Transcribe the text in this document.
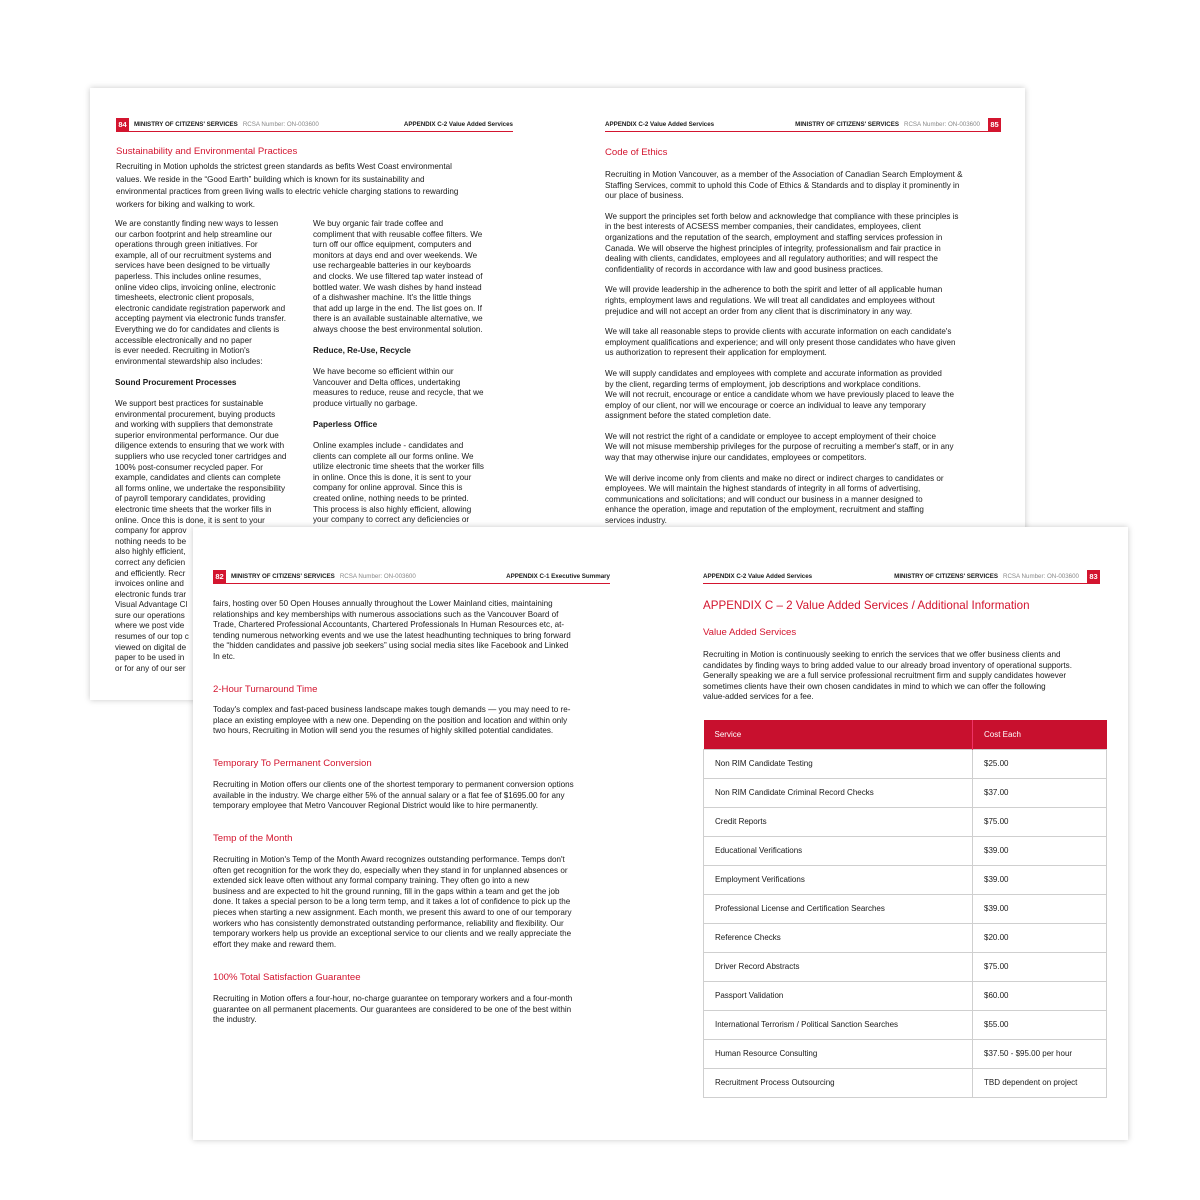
84	MINISTRY OF CITIZENS' SERVICES RCSA Number: ON-003600	APPENDIX C-2 Value Added Services
Sustainability and Environmental Practices
Recruiting in Motion upholds the strictest green standards as befits West Coast environmental
values. We reside in the “Good Earth” building which is known for its sustainability and
environmental practices from green living walls to electric vehicle charging stations to rewarding
workers for biking and walking to work.
We are constantly finding new ways to lessen
our carbon footprint and help streamline our
operations through green initiatives. For
example, all of our recruitment systems and
services have been designed to be virtually
paperless. This includes online resumes,
online video clips, invoicing online, electronic
timesheets, electronic client proposals,
electronic candidate registration paperwork and
accepting payment via electronic funds transfer.
Everything we do for candidates and clients is
accessible electronically and no paper
is ever needed. Recruiting in Motion's
environmental stewardship also includes:
Sound Procurement Processes
We support best practices for sustainable
environmental procurement, buying products
and working with suppliers that demonstrate
superior environmental performance. Our due
diligence extends to ensuring that we work with
suppliers who use recycled toner cartridges and
100% post-consumer recycled paper. For
example, candidates and clients can complete
all forms online, we undertake the responsibility
of payroll temporary candidates, providing
electronic time sheets that the worker fills in
online. Once this is done, it is sent to your
company for approv
nothing needs to be
also highly efficient,
correct any deficien
and efficiently. Recr
invoices online and
electronic funds trar
Visual Advantage Cl
sure our operations
where we post vide
resumes of our top c
viewed on digital de
paper to be used in
or for any of our ser
We buy organic fair trade coffee and
compliment that with reusable coffee filters. We
turn off our office equipment, computers and
monitors at days end and over weekends. We
use rechargeable batteries in our keyboards
and clocks. We use filtered tap water instead of
bottled water. We wash dishes by hand instead
of a dishwasher machine. It's the little things
that add up large in the end. The list goes on. If
there is an available sustainable alternative, we
always choose the best environmental solution.
Reduce, Re-Use, Recycle
We have become so efficient within our
Vancouver and Delta offices, undertaking
measures to reduce, reuse and recycle, that we
produce virtually no garbage.
Paperless Office
Online examples include - candidates and
clients can complete all our forms online. We
utilize electronic time sheets that the worker fills
in online. Once this is done, it is sent to your
company for online approval. Since this is
created online, nothing needs to be printed.
This process is also highly efficient, allowing
your company to correct any deficiencies or
APPENDIX C-2 Value Added Services	MINISTRY OF CITIZENS' SERVICES RCSA Number: ON-003600	85
Code of Ethics
Recruiting in Motion Vancouver, as a member of the Association of Canadian Search Employment &
Staffing Services, commit to uphold this Code of Ethics & Standards and to display it prominently in
our place of business.
We support the principles set forth below and acknowledge that compliance with these principles is
in the best interests of ACSESS member companies, their candidates, employees, client
organizations and the reputation of the search, employment and staffing services profession in
Canada. We will observe the highest principles of integrity, professionalism and fair practice in
dealing with clients, candidates, employees and all regulatory authorities; and will respect the
confidentiality of records in accordance with law and good business practices.
We will provide leadership in the adherence to both the spirit and letter of all applicable human
rights, employment laws and regulations. We will treat all candidates and employees without
prejudice and will not accept an order from any client that is discriminatory in any way.
We will take all reasonable steps to provide clients with accurate information on each candidate's
employment qualifications and experience; and will only present those candidates who have given
us authorization to represent their application for employment.
We will supply candidates and employees with complete and accurate information as provided
by the client, regarding terms of employment, job descriptions and workplace conditions.
We will not recruit, encourage or entice a candidate whom we have previously placed to leave the
employ of our client, nor will we encourage or coerce an individual to leave any temporary
assignment before the stated completion date.
We will not restrict the right of a candidate or employee to accept employment of their choice
We will not misuse membership privileges for the purpose of recruiting a member's staff, or in any
way that may otherwise injure our candidates, employees or competitors.
We will derive income only from clients and make no direct or indirect charges to candidates or
employees. We will maintain the highest standards of integrity in all forms of advertising,
communications and solicitations; and will conduct our business in a manner designed to
enhance the operation, image and reputation of the employment, recruitment and staffing
services industry.
82	MINISTRY OF CITIZENS' SERVICES RCSA Number: ON-003600	APPENDIX C-1 Executive Summary
fairs, hosting over 50 Open Houses annually throughout the Lower Mainland cities, maintaining
relationships and key memberships with numerous associations such as the Vancouver Board of
Trade, Chartered Professional Accountants, Chartered Professionals In Human Resources etc, at-
tending numerous networking events and we use the latest headhunting techniques to bring forward
the “hidden candidates and passive job seekers” using social media sites like Facebook and Linked
In etc.
2-Hour Turnaround Time
Today's complex and fast-paced business landscape makes tough demands — you may need to re-
place an existing employee with a new one. Depending on the position and location and within only
two hours, Recruiting in Motion will send you the resumes of highly skilled potential candidates.
Temporary To Permanent Conversion
Recruiting in Motion offers our clients one of the shortest temporary to permanent conversion options
available in the industry. We charge either 5% of the annual salary or a flat fee of $1695.00 for any
temporary employee that Metro Vancouver Regional District would like to hire permanently.
Temp of the Month
Recruiting in Motion's Temp of the Month Award recognizes outstanding performance. Temps don't
often get recognition for the work they do, especially when they stand in for unplanned absences or
extended sick leave often without any formal company training. They often go into a new
business and are expected to hit the ground running, fill in the gaps within a team and get the job
done. It takes a special person to be a long term temp, and it takes a lot of confidence to pick up the
pieces when starting a new assignment. Each month, we present this award to one of our temporary
workers who has consistently demonstrated outstanding performance, reliability and flexibility. Our
temporary workers help us provide an exceptional service to our clients and we really appreciate the
effort they make and reward them.
100% Total Satisfaction Guarantee
Recruiting in Motion offers a four-hour, no-charge guarantee on temporary workers and a four-month
guarantee on all permanent placements. Our guarantees are considered to be one of the best within
the industry.
APPENDIX C-2 Value Added Services	MINISTRY OF CITIZENS' SERVICES RCSA Number: ON-003600	83
APPENDIX C – 2 Value Added Services / Additional Information
Value Added Services
Recruiting in Motion is continuously seeking to enrich the services that we offer business clients and
candidates by finding ways to bring added value to our already broad inventory of operational supports.
Generally speaking we are a full service professional recruitment firm and supply candidates however
sometimes clients have their own chosen candidates in mind to which we can offer the following
value-added services for a fee.
Service	Cost Each
Non RIM Candidate Testing	$25.00
Non RIM Candidate Criminal Record Checks	$37.00
Credit Reports	$75.00
Educational Verifications	$39.00
Employment Verifications	$39.00
Professional License and Certification Searches	$39.00
Reference Checks	$20.00
Driver Record Abstracts	$75.00
Passport Validation	$60.00
International Terrorism / Political Sanction Searches	$55.00
Human Resource Consulting	$37.50 - $95.00 per hour
Recruitment Process Outsourcing	TBD dependent on project
